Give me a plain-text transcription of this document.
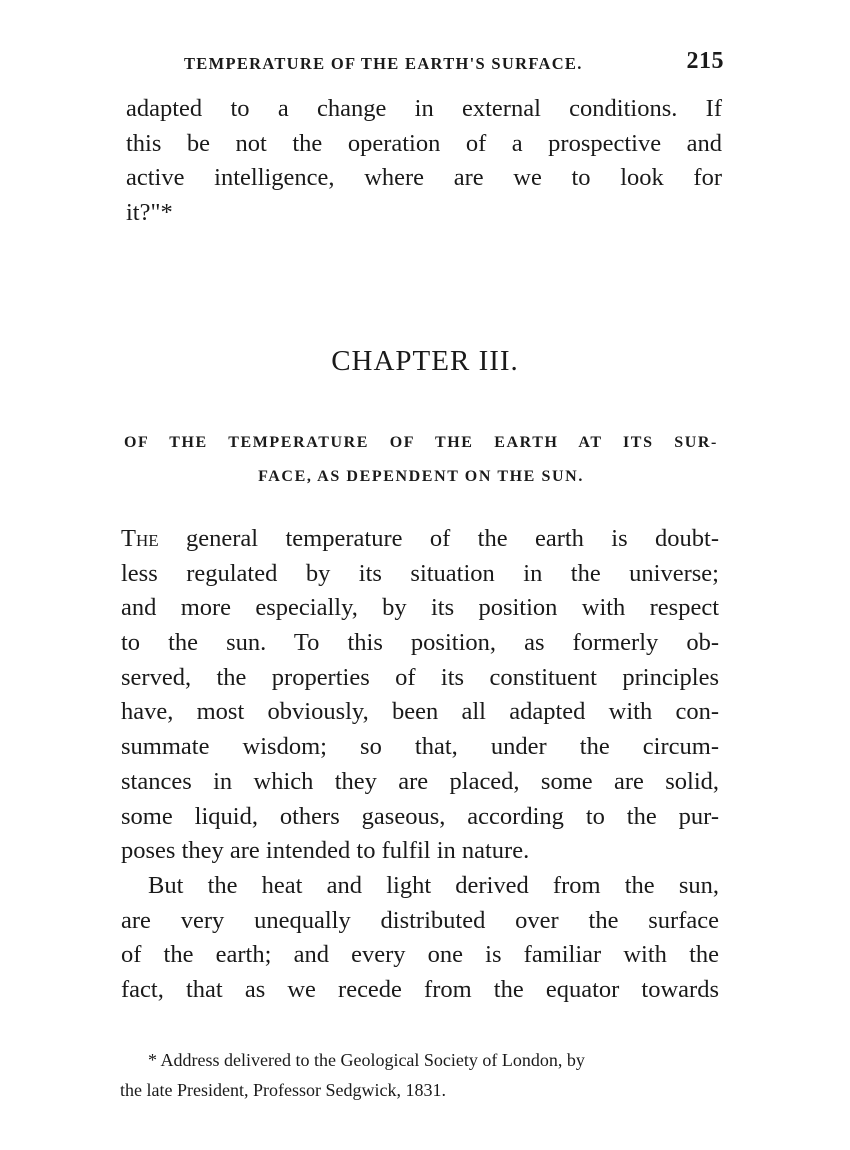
TEMPERATURE OF THE EARTH'S SURFACE.	215

adapted to a change in external conditions. If
this be not the operation of a prospective and
active intelligence, where are we to look for
it?"*

CHAPTER III.
OF THE TEMPERATURE OF THE EARTH AT ITS SUR-
FACE, AS DEPENDENT ON THE SUN.

The general temperature of the earth is doubt-
less regulated by its situation in the universe;
and more especially, by its position with respect
to the sun. To this position, as formerly ob-
served, the properties of its constituent principles
have, most obviously, been all adapted with con-
summate wisdom; so that, under the circum-
stances in which they are placed, some are solid,
some liquid, others gaseous, according to the pur-
poses they are intended to fulfil in nature.

But the heat and light derived from the sun,
are very unequally distributed over the surface
of the earth; and every one is familiar with the
fact, that as we recede from the equator towards

* Address delivered to the Geological Society of London, by
the late President, Professor Sedgwick, 1831.
